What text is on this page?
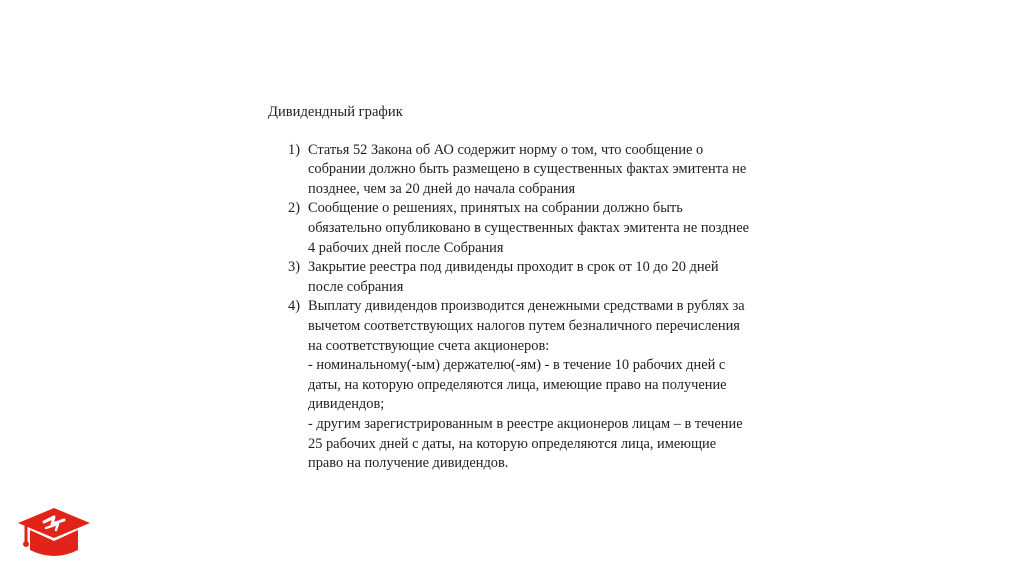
Дивидендный график
1) Статья 52 Закона об АО содержит норму о том, что сообщение о
собрании должно быть размещено в существенных фактах эмитента не
позднее, чем за 20 дней до начала собрания
2) Сообщение о решениях, принятых на собрании должно быть
обязательно опубликовано в существенных фактах эмитента не позднее
4 рабочих дней после Собрания
3) Закрытие реестра под дивиденды проходит в срок от 10 до 20 дней
после собрания
4) Выплату дивидендов производится денежными средствами в рублях за
вычетом соответствующих налогов путем безналичного перечисления
на соответствующие счета акционеров:
- номинальному(-ым) держателю(-ям) - в течение 10 рабочих дней с
даты, на которую определяются лица, имеющие право на получение
дивидендов;
- другим зарегистрированным в реестре акционеров лицам – в течение
25 рабочих дней с даты, на которую определяются лица, имеющие
право на получение дивидендов.
